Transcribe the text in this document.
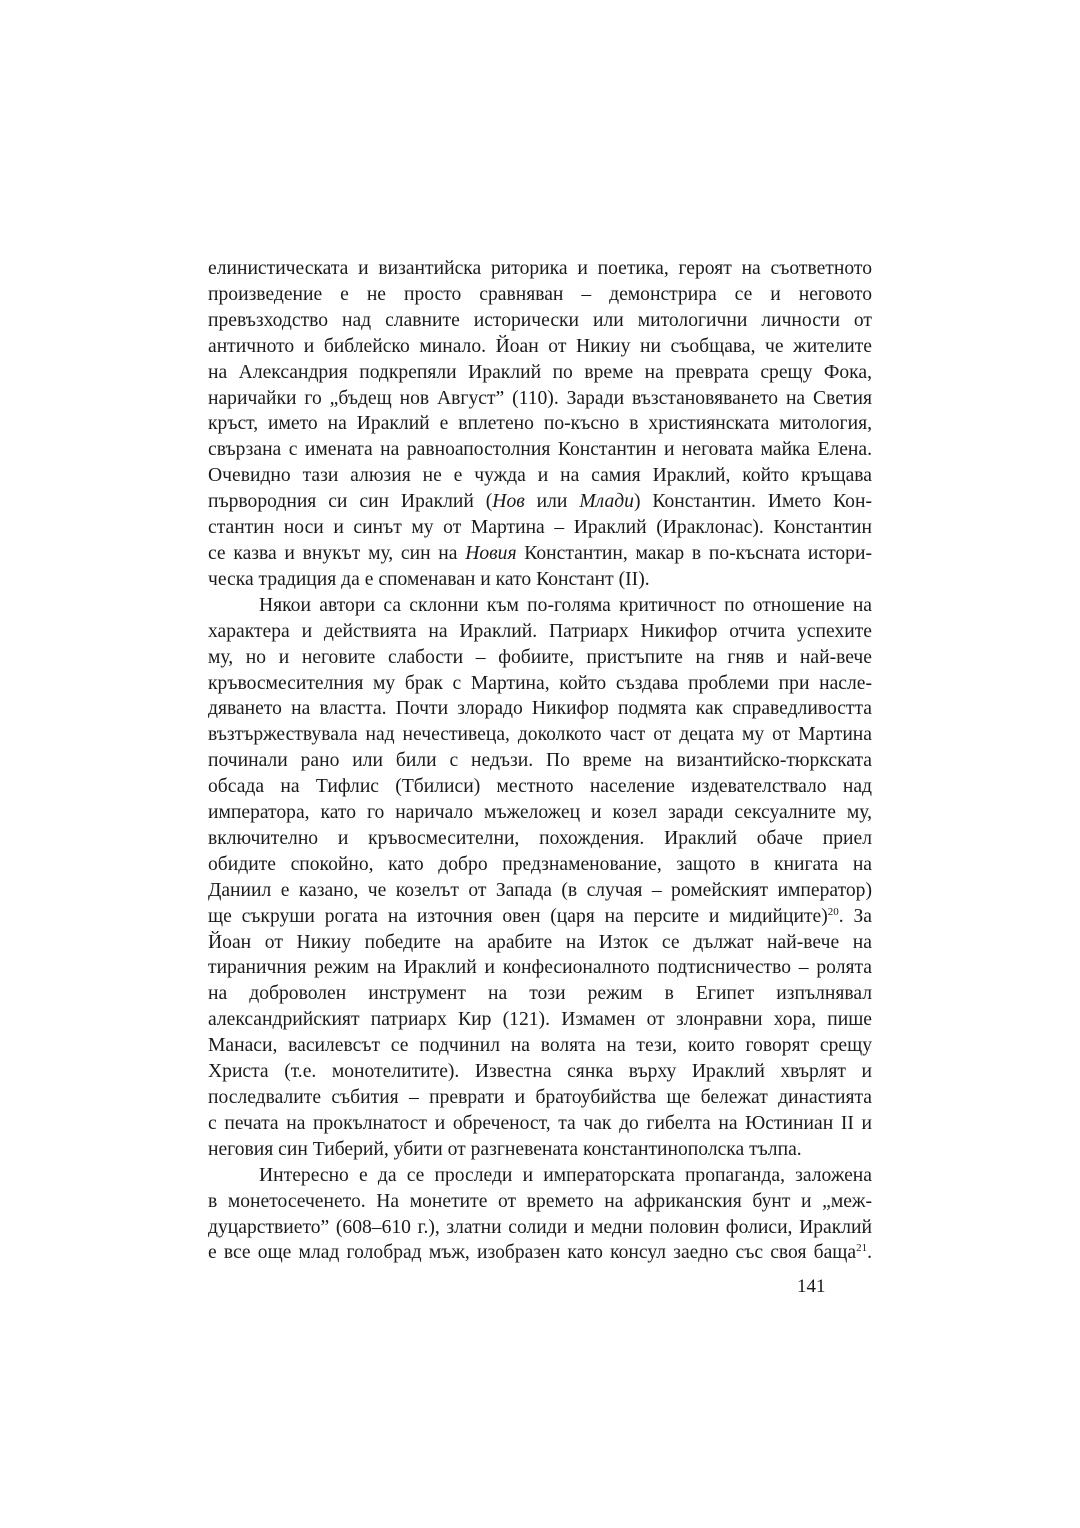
елинистическата и византийска риторика и поетика, героят на съответното
произведение е не просто сравняван – демонстрира се и неговото
превъзходство над славните исторически или митологични личности от
античното и библейско минало. Йоан от Никиу ни съобщава, че жителите
на Александрия подкрепяли Ираклий по време на превратa срещу Фока,
наричайки го „бъдещ нов Август” (110). Заради възстановяването на Светия
кръст, името на Ираклий е вплетено по-късно в християнската митология,
свързана с имената на равноапостолния Константин и неговата майка Елена.
Очевидно тази алюзия не е чужда и на самия Ираклий, който кръщава
първородния си син Ираклий (Нов или Млади) Константин. Името Кон-
стантин носи и синът му от Мартина – Ираклий (Ираклонас). Константин
се казва и внукът му, син на Новия Константин, макар в по-късната истори-
ческа традиция да е споменаван и като Констант (II).
Някои автори са склонни към по-голяма критичност по отношение на
характера и действията на Ираклий. Патриарх Никифор отчита успехите
му, но и неговите слабости – фобиите, пристъпите на гняв и най-вече
кръвосмесителния му брак с Мартина, който създава проблеми при насле-
дяването на властта. Почти злорадо Никифор подмята как справедливостта
възтържествувала над нечестивеца, доколкото част от децата му от Мартина
починали рано или били с недъзи. По време на византийско-тюркската
обсада на Тифлис (Тбилиси) местното население издевателствало над
императора, като го наричало мъжеложец и козел заради сексуалните му,
включително и кръвосмесителни, похождения. Ираклий обаче приел
обидите спокойно, като добро предзнаменование, защото в книгата на
Даниил е казано, че козелът от Запада (в случая – ромейският император)
ще съкруши рогата на източния овен (царя на персите и мидийците)$^{20}$. За
Йоан от Никиу победите на арабите на Изток се дължат най-вече на
тираничния режим на Ираклий и конфесионалното подтисничество – ролята
на доброволен инструмент на този режим в Египет изпълнявал
александрийският патриарх Кир (121). Измамен от злонравни хора, пише
Манаси, василевсът се подчинил на волята на тези, които говорят срещу
Христа (т.е. монотелитите). Известна сянка върху Ираклий хвърлят и
последвалите събития – преврати и братоубийства ще бележат династията
с печата на прокълнатост и обреченост, та чак до гибелта на Юстиниан II и
неговия син Тиберий, убити от разгневената константинополска тълпа.
Интересно е да се проследи и императорската пропаганда, заложена
в монетосеченето. На монетите от времето на африканския бунт и „меж-
дуцарствието” (608–610 г.), златни солиди и медни половин фолиси, Ираклий
е все още млад голобрад мъж, изобразен като консул заедно със своя баща$^{21}$.
141
